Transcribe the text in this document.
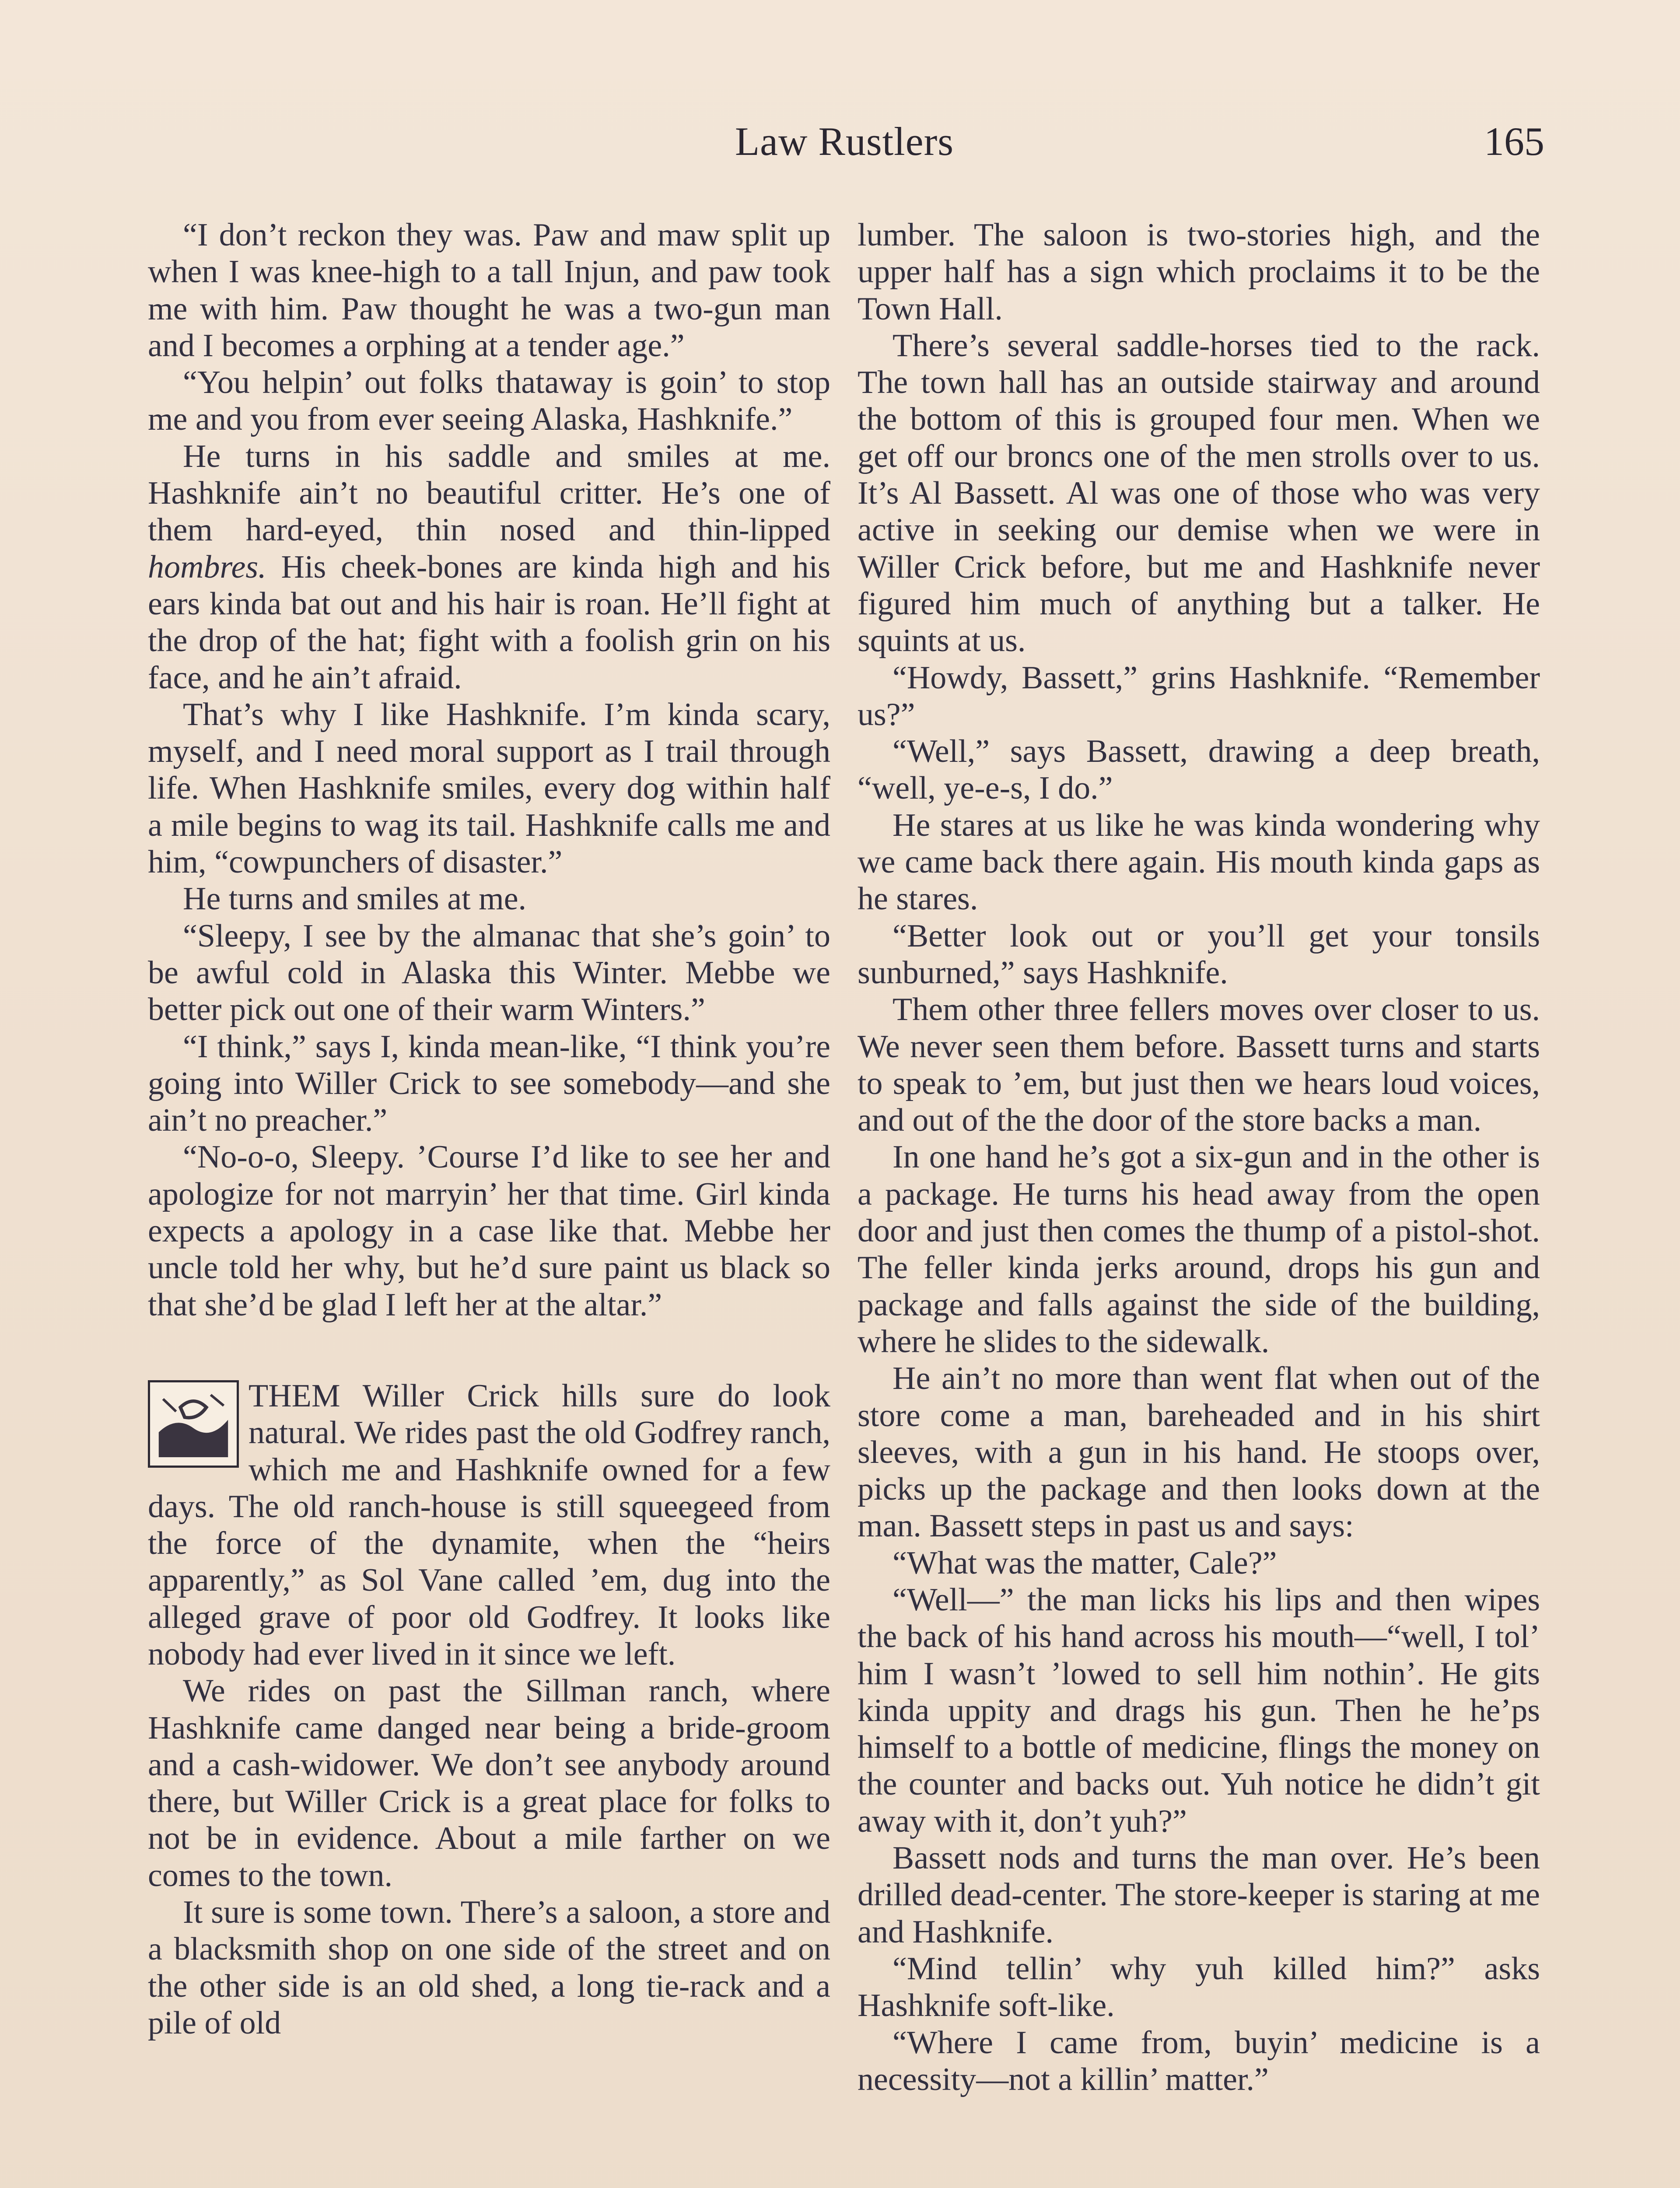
Law Rustlers	165

“I don’t reckon they was. Paw and maw split up when I was knee-high to a tall Injun, and paw took me with him. Paw thought he was a two-gun man and I becomes a orphing at a tender age.”

“You helpin’ out folks thataway is goin’ to stop me and you from ever seeing Alaska, Hashknife.”

He turns in his saddle and smiles at me. Hashknife ain’t no beautiful critter. He’s one of them hard-eyed, thin nosed and thin-lipped hombres. His cheek-bones are kinda high and his ears kinda bat out and his hair is roan. He’ll fight at the drop of the hat; fight with a foolish grin on his face, and he ain’t afraid.

That’s why I like Hashknife. I’m kinda scary, myself, and I need moral support as I trail through life. When Hashknife smiles, every dog within half a mile begins to wag its tail. Hashknife calls me and him, “cowpunchers of disaster.”

He turns and smiles at me.

“Sleepy, I see by the almanac that she’s goin’ to be awful cold in Alaska this Winter. Mebbe we better pick out one of their warm Winters.”

“I think,” says I, kinda mean-like, “I think you’re going into Willer Crick to see somebody—and she ain’t no preacher.”

“No-o-o, Sleepy. ’Course I’d like to see her and apologize for not marryin’ her that time. Girl kinda expects a apology in a case like that. Mebbe her uncle told her why, but he’d sure paint us black so that she’d be glad I left her at the altar.”

THEM Willer Crick hills sure do look natural. We rides past the old Godfrey ranch, which me and Hashknife owned for a few days. The old ranch-house is still squeegeed from the force of the dynamite, when the “heirs apparently,” as Sol Vane called ’em, dug into the alleged grave of poor old Godfrey. It looks like nobody had ever lived in it since we left.

We rides on past the Sillman ranch, where Hashknife came danged near being a bride-groom and a cash-widower. We don’t see anybody around there, but Willer Crick is a great place for folks to not be in evidence. About a mile farther on we comes to the town.

It sure is some town. There’s a saloon, a store and a blacksmith shop on one side of the street and on the other side is an old shed, a long tie-rack and a pile of old

lumber. The saloon is two-stories high, and the upper half has a sign which proclaims it to be the Town Hall.

There’s several saddle-horses tied to the rack. The town hall has an outside stairway and around the bottom of this is grouped four men. When we get off our broncs one of the men strolls over to us. It’s Al Bassett. Al was one of those who was very active in seeking our demise when we were in Willer Crick before, but me and Hashknife never figured him much of anything but a talker. He squints at us.

“Howdy, Bassett,” grins Hashknife. “Remember us?”

“Well,” says Bassett, drawing a deep breath, “well, ye-e-s, I do.”

He stares at us like he was kinda wondering why we came back there again. His mouth kinda gaps as he stares.

“Better look out or you’ll get your tonsils sunburned,” says Hashknife.

Them other three fellers moves over closer to us. We never seen them before. Bassett turns and starts to speak to ’em, but just then we hears loud voices, and out of the the door of the store backs a man.

In one hand he’s got a six-gun and in the other is a package. He turns his head away from the open door and just then comes the thump of a pistol-shot. The feller kinda jerks around, drops his gun and package and falls against the side of the building, where he slides to the sidewalk.

He ain’t no more than went flat when out of the store come a man, bareheaded and in his shirt sleeves, with a gun in his hand. He stoops over, picks up the package and then looks down at the man. Bassett steps in past us and says:

“What was the matter, Cale?”

“Well—” the man licks his lips and then wipes the back of his hand across his mouth—“well, I tol’ him I wasn’t ’lowed to sell him nothin’. He gits kinda uppity and drags his gun. Then he he’ps himself to a bottle of medicine, flings the money on the counter and backs out. Yuh notice he didn’t git away with it, don’t yuh?”

Bassett nods and turns the man over. He’s been drilled dead-center. The store-keeper is staring at me and Hashknife.

“Mind tellin’ why yuh killed him?” asks Hashknife soft-like.

“Where I came from, buyin’ medicine is a necessity—not a killin’ matter.”
